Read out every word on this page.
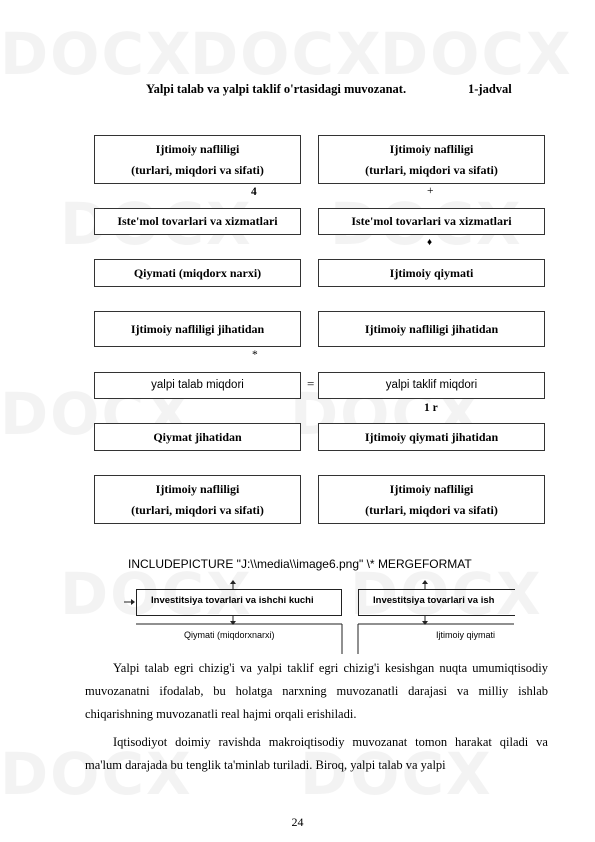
Yalpi talab va yalpi taklif o'rtasidagi muvozanat.	1-jadval
Ijtimoiy nafliligi
(turlari, miqdori va sifati)
Iste'mol tovarlari va xizmatlari
Qiymati (miqdorx narxi)
Ijtimoiy nafliligi jihatidan
yalpi talab miqdori
Qiymat jihatidan
Ijtimoiy nafliligi
(turlari, miqdori va sifati)
Ijtimoiy nafliligi
(turlari, miqdori va sifati)
Iste'mol tovarlari va xizmatlari
Ijtimoiy qiymati
Ijtimoiy nafliligi jihatidan
yalpi taklif miqdori
Ijtimoiy qiymati jihatidan
Ijtimoiy nafliligi
(turlari, miqdori va sifati)
4	+
♦
*
=
1 r
INCLUDEPICTURE "J:\\media\\image6.png" \* MERGEFORMAT
Investitsiya tovarlari va ishchi kuchi	Investitsiya tovarlari va ish
Qiymati (miqdorxnarxi)	Ijtimoiy qiymati

Yalpi talab egri chizig'i va yalpi taklif egri chizig'i kesishgan nuqta umumiqtisodiy muvozanatni ifodalab, bu holatga narxning muvozanatli darajasi va milliy ishlab chiqarishning muvozanatli real hajmi orqali erishiladi.

Iqtisodiyot doimiy ravishda makroiqtisodiy muvozanat tomon harakat qiladi va ma'lum darajada bu tenglik ta'minlab turiladi. Biroq, yalpi talab va yalpi

24
